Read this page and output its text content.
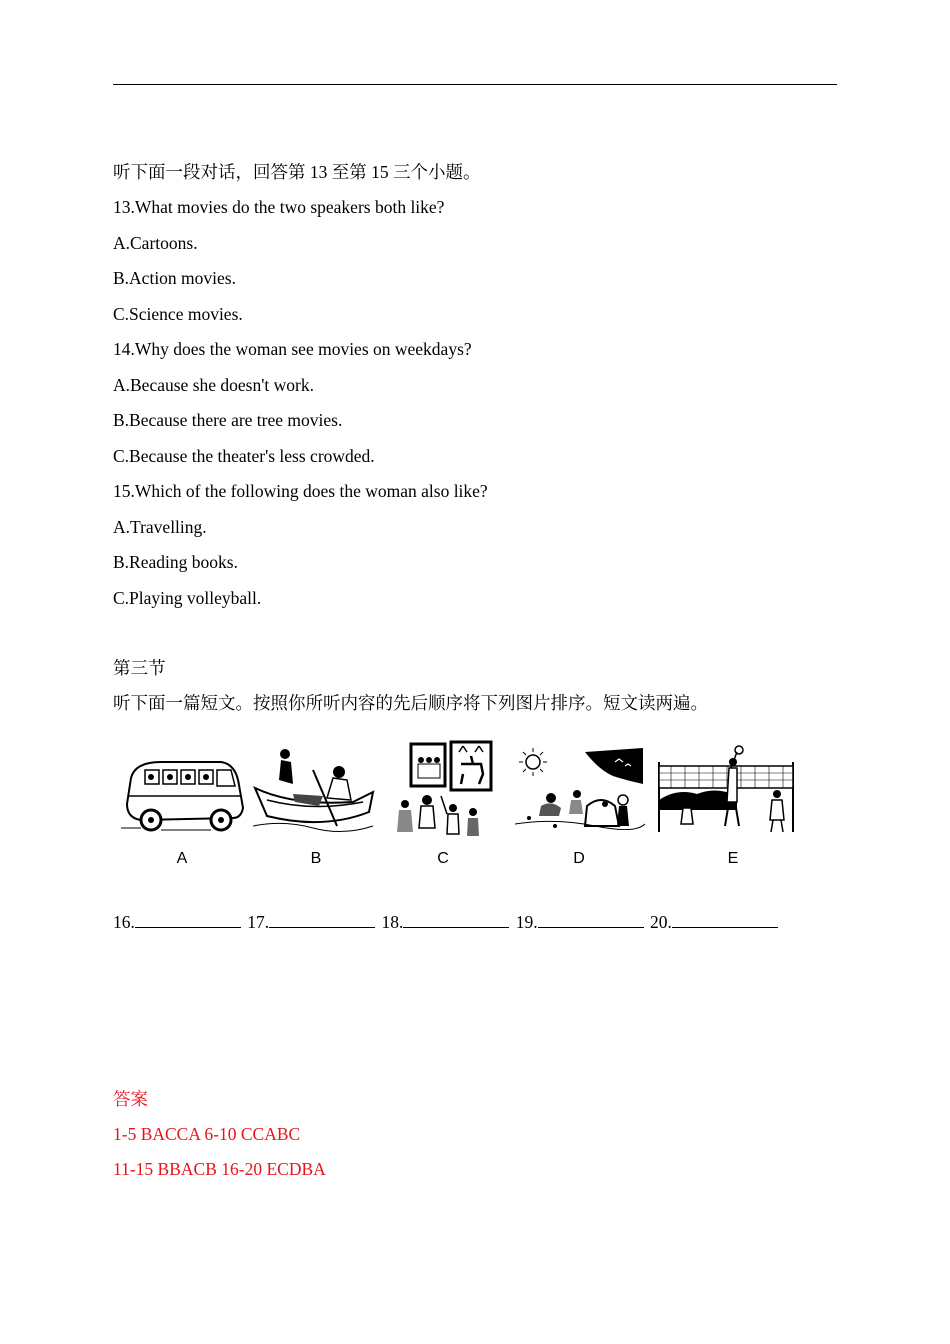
听下面一段对话，回答第 13 至第 15 三个小题。
13.What movies do the two speakers both like?
A.Cartoons.
B.Action movies.
C.Science movies.
14.Why does the woman see movies on weekdays?
A.Because she doesn't work.
B.Because there are tree movies.
C.Because the theater's less crowded.
15.Which of the following does the woman also like?
A.Travelling.
B.Reading books.
C.Playing volleyball.
第三节
听下面一篇短文。按照你所听内容的先后顺序将下列图片排序。短文读两遍。
A	B	C	D	E
16.	17.	18.	19.	20.
答案
1-5 BACCA 6-10 CCABC
11-15 BBACB 16-20 ECDBA
